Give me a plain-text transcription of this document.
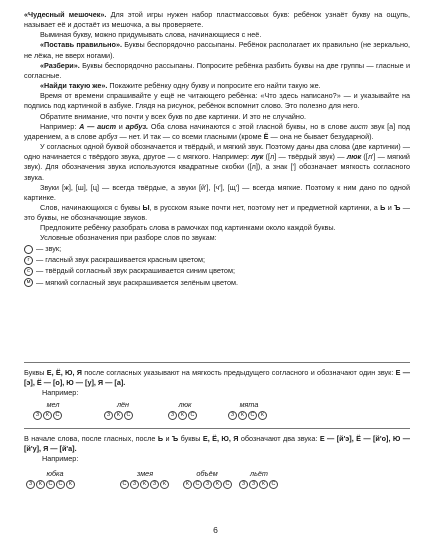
«Чудесный мешочек». Для этой игры нужен набор пластмассовых букв: ребёнок узнаёт букву на ощупь, называет её и достаёт из мешочка, а вы проверяете.

Выминая букву, можно придумывать слова, начинающиеся с неё.

«Поставь правильно». Буквы беспорядочно рассыпаны. Ребёнок располагает их правильно (не зеркально, не лёжа, не вверх ногами).

«Разбери». Буквы беспорядочно рассыпаны. Попросите ребёнка разбить буквы на две группы — гласные и согласные.

«Найди такую же». Покажите ребёнку одну букву и попросите его найти такую же.

Время от времени спрашивайте у ещё не читающего ребёнка: «Что здесь написано?» — и указывайте на подпись под картинкой в азбуке. Глядя на рисунок, ребёнок вспомнит слово. Это полезно для него.

Обратите внимание, что почти у всех букв по две картинки. И это не случайно.

Например: А — аист и арбуз. Оба слова начинаются с этой гласной буквы, но в слове аист звук [а] под ударением, а в слове арбуз — нет. И так — со всеми гласными (кроме Ё — она не бывает безударной).

У согласных одной буквой обозначается и твёрдый, и мягкий звук. Поэтому даны два слова (две картинки) — одно начинается с твёрдого звука, другое — с мягкого. Например: лук ([л] — твёрдый звук) — люк ([л'] — мягкий звук). Для обозначения звука используются квадратные скобки ([л]), а знак ['] обозначает мягкость согласного звука.

Звуки [ж], [ш], [ц] — всегда твёрдые, а звуки [й'], [ч'], [щ'] — всегда мягкие. Поэтому к ним дано по одной картинке.

Слов, начинающихся с буквы Ы, в русском языке почти нет, поэтому нет и предметной картинки, а Ь и Ъ — это буквы, не обозначающие звуков.

Предложите ребёнку разобрать слова в рамочках под картинками около каждой буквы.

Условные обозначения при разборе слов по звукам:

— звук;
г — гласный звук раскрашивается красным цветом;
с — твёрдый согласный звук раскрашивается синим цветом;
м — мягкий согласный звук раскрашивается зелёным цветом.

Буквы Е, Ё, Ю, Я после согласных указывают на мягкость предыдущего согласного и обозначают один звук: Е — [э], Ё — [о], Ю — [у], Я — [а].

Например:

мел
З	К	С
лён
З	К	С
люк
З	К	С
мята
З	К	С	К

В начале слова, после гласных, после Ь и Ъ буквы Е, Ё, Ю, Я обозначают два звука: Е — [й'э], Ё — [й'о], Ю — [й'у], Я — [й'а].

Например:

юбка
З	К	С	С	К
змея
С	З	К	З	К
объём
К	С	З	К	С
льёт
З	З	К	С
6
